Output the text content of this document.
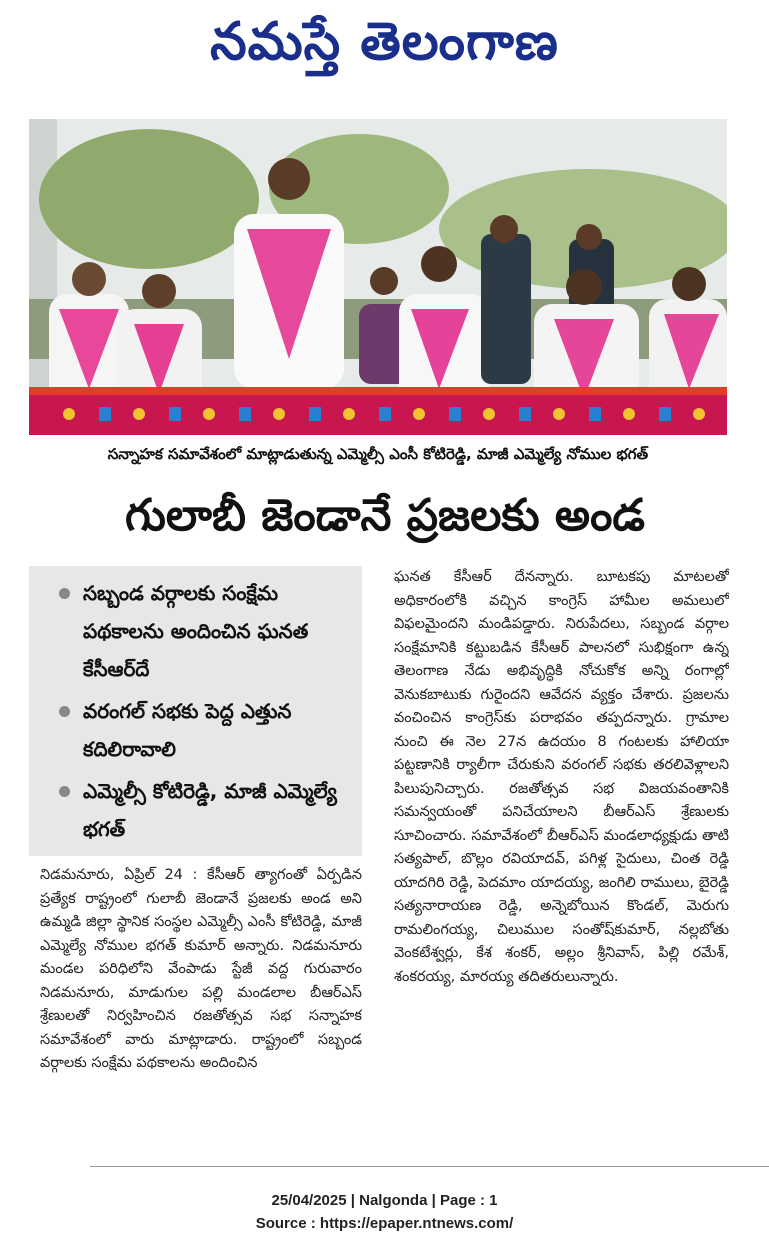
నమస్తే తెలంగాణ
సన్నాహక సమావేశంలో మాట్లాడుతున్న ఎమ్మెల్సీ ఎంసీ కోటిరెడ్డి, మాజీ ఎమ్మెల్యే నోముల భగత్
గులాబీ జెండానే ప్రజలకు అండ
సబ్బండ వర్గాలకు సంక్షేమ పథకాలను అందించిన ఘనత కేసీఆర్‌దే
వరంగల్ సభకు పెద్ద ఎత్తున కదిలిరావాలి
ఎమ్మెల్సీ కోటిరెడ్డి, మాజీ ఎమ్మెల్యే భగత్
నిడమనూరు, ఏప్రిల్ 24 : కేసీఆర్ త్యాగంతో ఏర్పడిన ప్రత్యేక రాష్ట్రంలో గులాబీ జెండానే ప్రజలకు అండ అని ఉమ్మడి జిల్లా స్థానిక సంస్థల ఎమ్మెల్సీ ఎంసీ కోటిరెడ్డి, మాజీ ఎమ్మెల్యే నోముల భగత్ కుమార్ అన్నారు. నిడమనూరు మండల పరిధిలోని వేంపాడు స్టేజీ వద్ద గురువారం నిడమనూరు, మాడుగుల పల్లి మండలాల బీఆర్ఎస్ శ్రేణులతో నిర్వహించిన రజతోత్సవ సభ సన్నాహక సమావేశంలో వారు మాట్లాడారు. రాష్ట్రంలో సబ్బండ వర్గాలకు సంక్షేమ పథకాలను అందించిన
ఘనత కేసీఆర్ దేనన్నారు. బూటకపు మాటలతో అధికారంలోకి వచ్చిన కాంగ్రెస్ హామీల అమలులో విఫలమైందని మండిపడ్డారు. నిరుపేదలు, సబ్బండ వర్గాల సంక్షేమానికి కట్టుబడిన కేసీఆర్ పాలనలో సుభిక్షంగా ఉన్న తెలంగాణ నేడు అభివృద్ధికి నోచుకోక అన్ని రంగాల్లో వెనుకబాటుకు గురైందని ఆవేదన వ్యక్తం చేశారు. ప్రజలను వంచించిన కాంగ్రెస్‌కు పరాభవం తప్పదన్నారు. గ్రామాల నుంచి ఈ నెల 27న ఉదయం 8 గంటలకు హాలియా పట్టణానికి ర్యాలీగా చేరుకుని వరంగల్ సభకు తరలివెళ్లాలని పిలుపునిచ్చారు. రజతోత్సవ సభ విజయవంతానికి సమన్వయంతో పనిచేయాలని బీఆర్ఎస్ శ్రేణులకు సూచించారు. సమావేశంలో బీఆర్ఎస్ మండలాధ్యక్షుడు తాటి సత్యపాల్, బొల్లం రవియాదవ్, పగిళ్ల సైదులు, చింత రెడ్డి యాదగిరి రెడ్డి, పెదమాం యాదయ్య, జంగిలి రాములు, బైరెడ్డి సత్యనారాయణ రెడ్డి, అన్నెబోయిన కొండల్, మెరుగు రామలింగయ్య, చిలుముల సంతోష్‌కుమార్, నల్లబోతు వెంకటేశ్వర్లు, కేశ శంకర్, అల్లం శ్రీనివాస్, పిల్లి రమేశ్, శంకరయ్య, మారయ్య తదితరులున్నారు.
25/04/2025 | Nalgonda | Page : 1
Source : https://epaper.ntnews.com/
